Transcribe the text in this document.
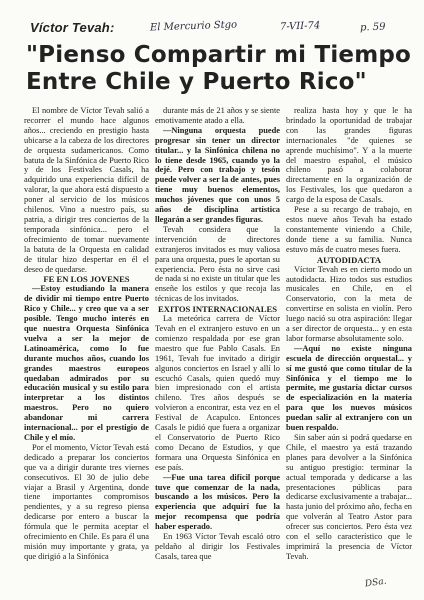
Víctor Tevah:	El Mercurio Stgo	7-VII-74	p. 59
"Pienso Compartir mi Tiempo Entre Chile y Puerto Rico"

El nombre de Víctor Tevah salió a recorrer el mundo hace algunos años... creciendo en prestigio hasta ubicarse a la cabeza de los directores de orquesta sudamericanos. Como batuta de la Sinfónica de Puerto Rico y de los Festivales Casals, ha adquirido una experiencia difícil de valorar, la que ahora está dispuesto a poner al servicio de los músicos chilenos. Vino a nuestro país, su patria, a dirigir tres conciertos de la temporada sinfónica... pero el ofrecimiento de tomar nuevamente la batuta de la Orquesta en calidad de titular hizo despertar en él el deseo de quedarse.

FE EN LOS JOVENES

—Estoy estudiando la manera de dividir mi tiempo entre Puerto Rico y Chile... y creo que va a ser posible. Tengo mucho interés en que nuestra Orquesta Sinfónica vuelva a ser la mejor de Latinoamérica, como lo fue durante muchos años, cuando los grandes maestros europeos quedaban admirados por su educación musical y su estilo para interpretar a los distintos maestros. Pero no quiero abandonar mi carrera internacional... por el prestigio de Chile y el mío.

Por el momento, Víctor Tevah está dedicado a preparar los conciertos que va a dirigir durante tres viernes consecutivos. El 30 de julio debe viajar a Brasil y Argentina, donde tiene importantes compromisos pendientes, y a su regreso piensa dedicarse por entero a buscar la fórmula que le permita aceptar el ofrecimiento en Chile. Es para él una misión muy importante y grata, ya que dirigió a la Sinfónica

durante más de 21 años y se siente emotivamente atado a ella.

—Ninguna orquesta puede progresar sin tener un director titular... y la Sinfónica chilena no lo tiene desde 1965, cuando yo la dejé. Pero con trabajo y tesón puede volver a ser la de antes, pues tiene muy buenos elementos, muchos jóvenes que con unos 5 años de disciplina artística llegarán a ser grandes figuras.

Tevah considera que la intervención de directores extranjeros invitados es muy valiosa para una orquesta, pues le aportan su experiencia. Pero ésta no sirve casi de nada si no existe un titular que les enseñe los estilos y que recoja las técnicas de los invitados.

EXITOS INTERNACIONALES

La meteórica carrera de Víctor Tevah en el extranjero estuvo en un comienzo respaldada por ese gran maestro que fue Pablo Casals. En 1961, Tevah fue invitado a dirigir algunos conciertos en Israel y allí lo escuchó Casals, quien quedó muy bien impresionado con el artista chileno. Tres años después se volvieron a encontrar, esta vez en el Festival de Acapulco. Entonces Casals le pidió que fuera a organizar el Conservatorio de Puerto Rico como Decano de Estudios, y que formara una Orquesta Sinfónica en ese país.

—Fue una tarea difícil porque tuve que comenzar de la nada, buscando a los músicos. Pero la experiencia que adquirí fue la mejor recompensa que podría haber esperado.

En 1963 Víctor Tevah escaló otro peldaño al dirigir los Festivales Casals, tarea que

realiza hasta hoy y que le ha brindado la oportunidad de trabajar con las grandes figuras internacionales "de quienes se aprende muchísimo". Y a la muerte del maestro español, el músico chileno pasó a colaborar directamente en la organización de los Festivales, los que quedaron a cargo de la esposa de Casals.

Pese a su recargo de trabajo, en estos nueve años Tevah ha estado constantemente viniendo a Chile, donde tiene a su familia. Nunca estuvo más de cuatro meses fuera.

AUTODIDACTA

Víctor Tevah es en cierto modo un autodidacta. Hizo todos sus estudios musicales en Chile, en el Conservatorio, con la meta de convertirse en solista en violín. Pero luego nació su otra aspiración: llegar a ser director de orquesta... y en esta labor formarse absolutamente solo.

—Aquí no existe ninguna escuela de dirección orquestal... y sí me gustó que como titular de la Sinfónica y el tiempo me lo permite, me gustaría dictar cursos de especialización en la materia para que los nuevos músicos puedan salir al extranjero con un buen respaldo.

Sin saber aún si podrá quedarse en Chile, el maestro ya está trazando planes para devolver a la Sinfónica su antiguo prestigio: terminar la actual temporada y dedicarse a las presentaciones públicas para dedicarse exclusivamente a trabajar... hasta junio del próximo año, fecha en que volverán al Teatro Astor para ofrecer sus conciertos. Pero ésta vez con el sello característico que le imprimirá la presencia de Víctor Tevah.

DSa.
